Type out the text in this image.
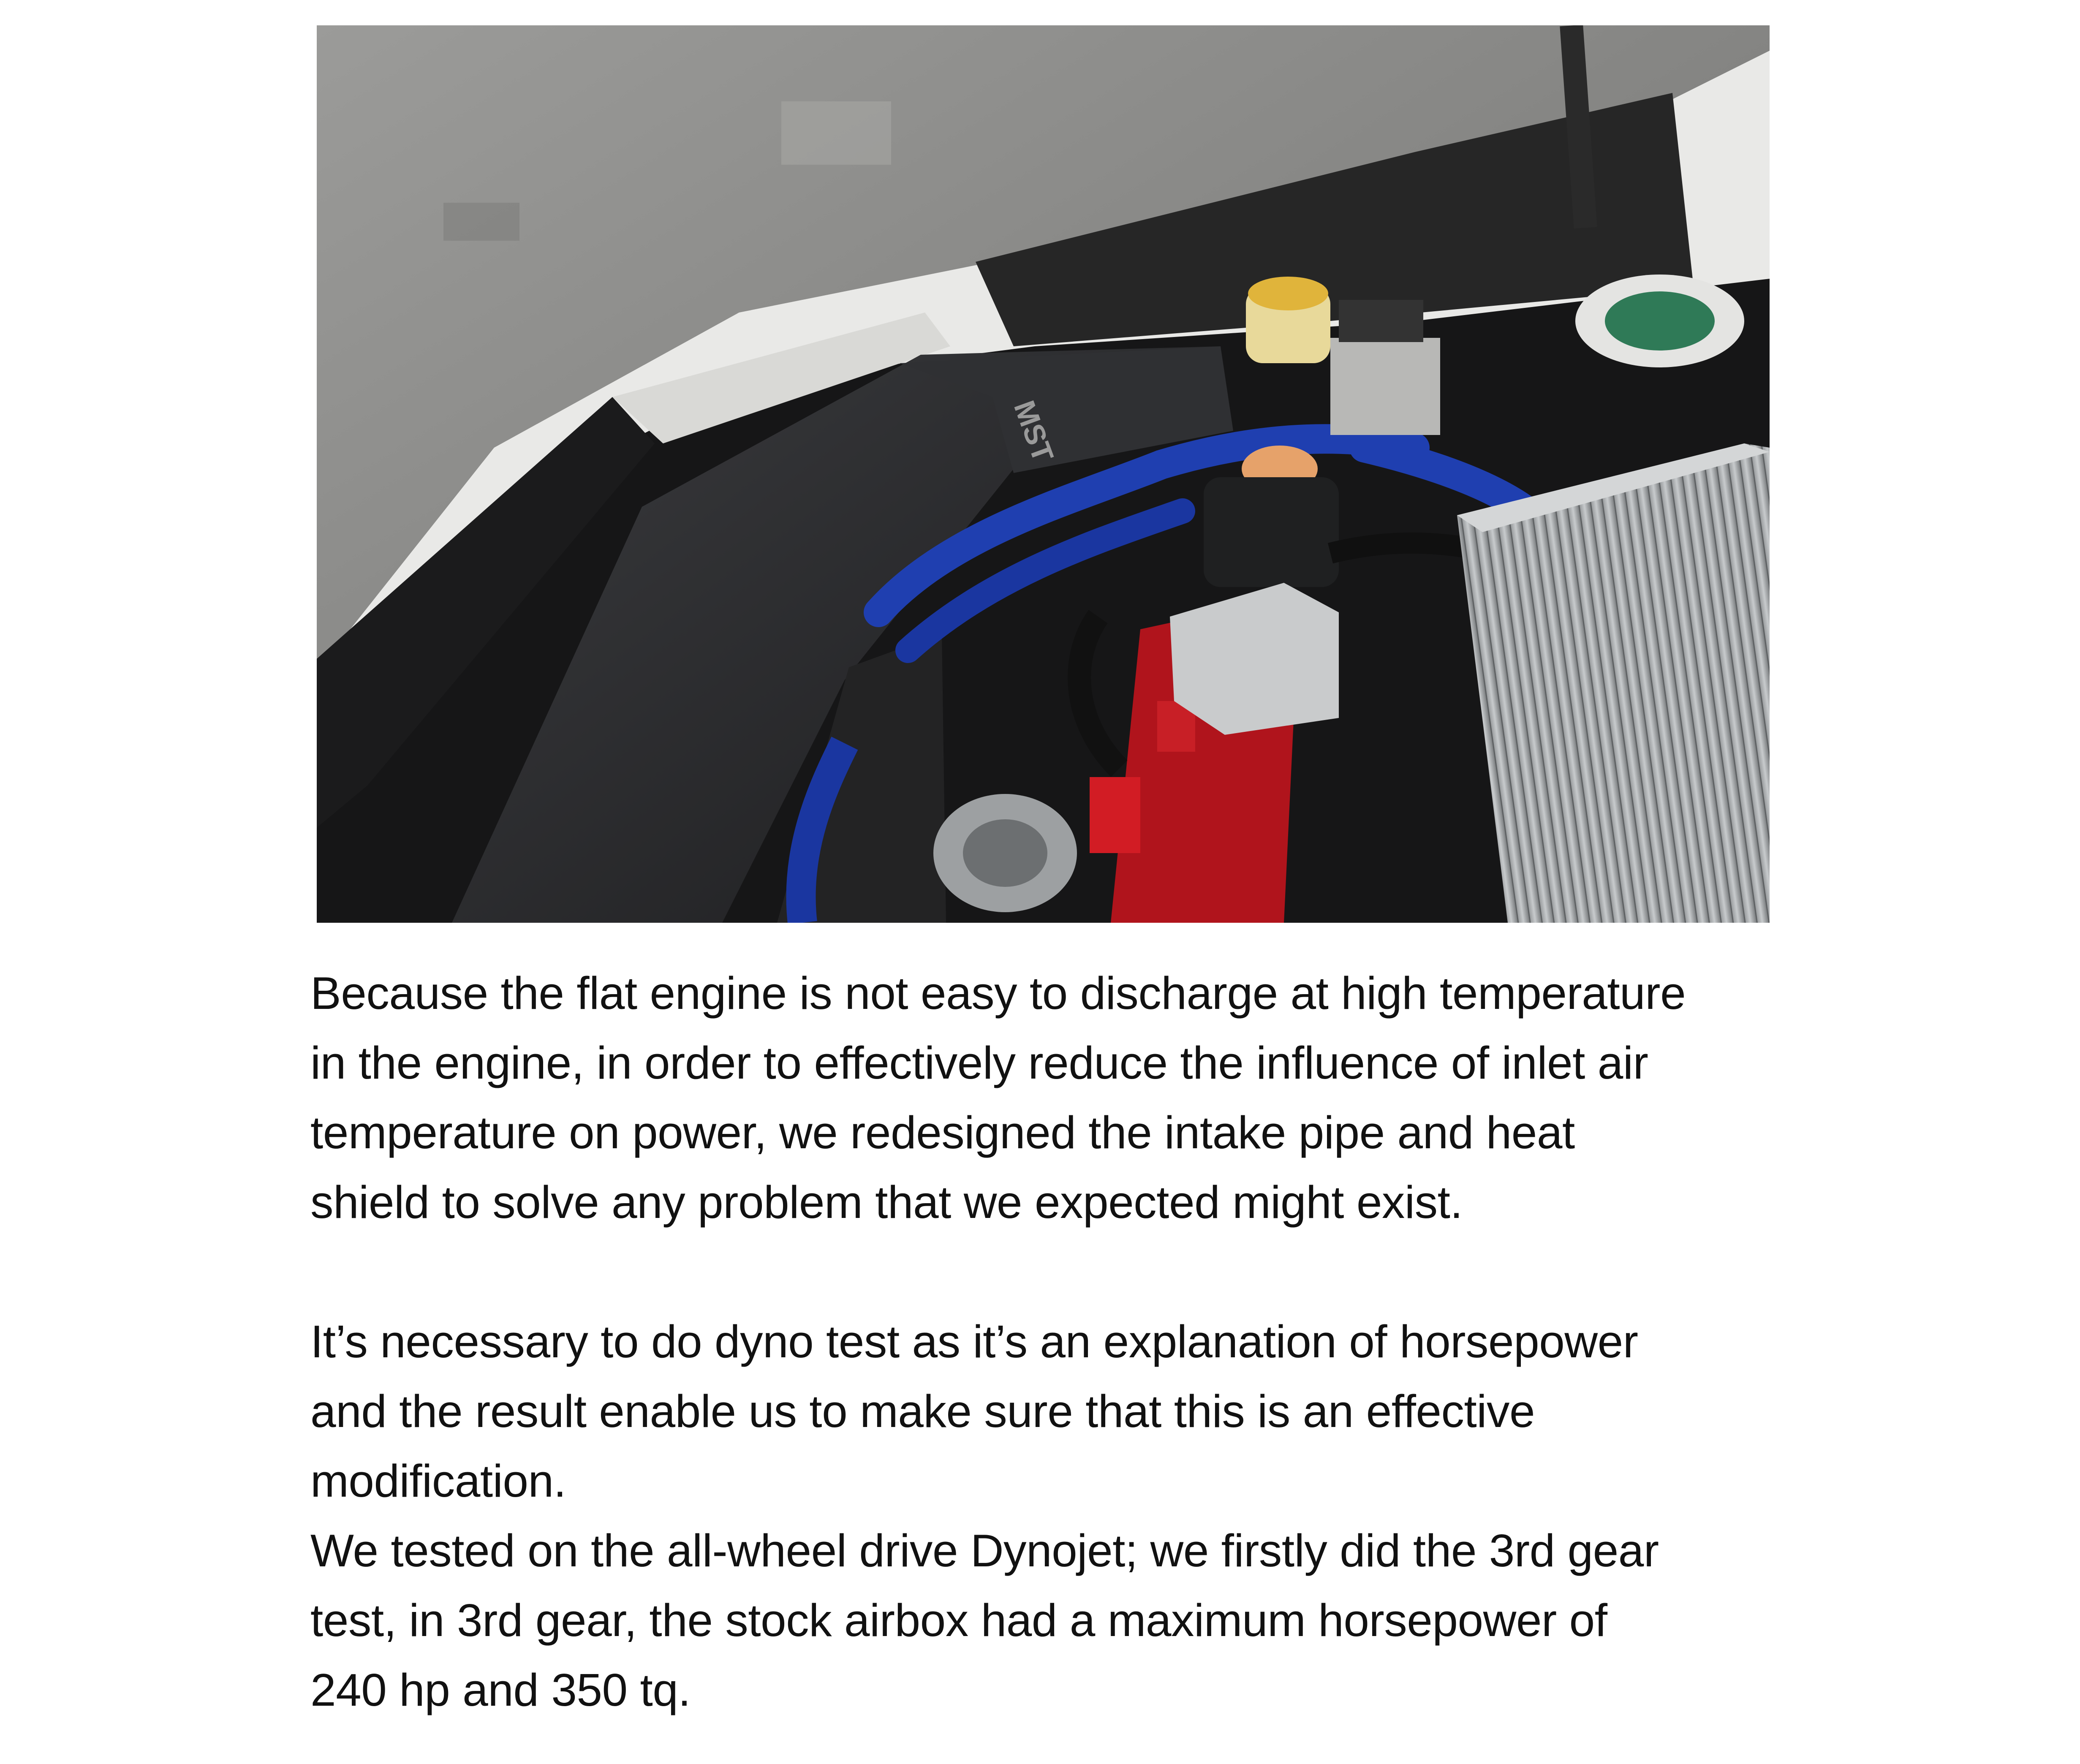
MST

Because the flat engine is not easy to discharge at high temperature

in the engine, in order to effectively reduce the influence of inlet air

temperature on power, we redesigned the intake pipe and heat

shield to solve any problem that we expected might exist.

It’s necessary to do dyno test as it’s an explanation of horsepower

and the result enable us to make sure that this is an effective

modification.

We tested on the all-wheel drive Dynojet; we firstly did the 3rd gear

test, in 3rd gear, the stock airbox had a maximum horsepower of

240 hp and 350 tq.
